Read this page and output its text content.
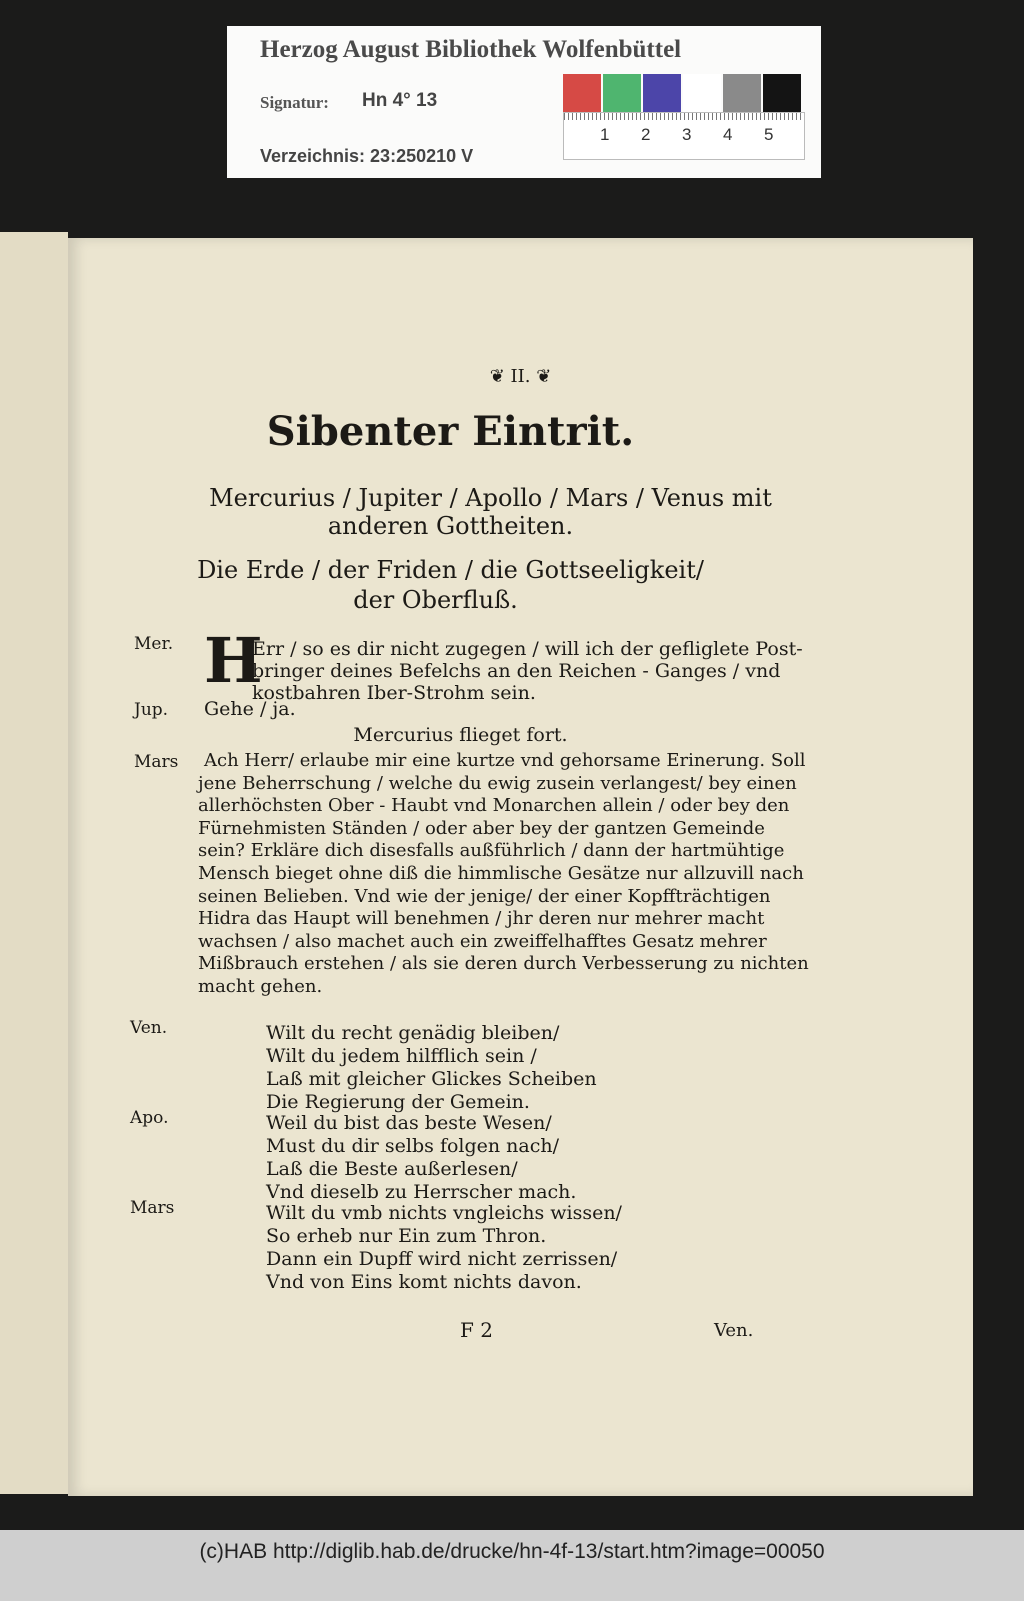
Herzog August Bibliothek Wolfenbüttel
Signatur: Hn 4° 13
Verzeichnis: 23:250210 V
1 2 3 4 5
❦ II. ❦
Sibenter Eintrit.
Mercurius / Jupiter / Apollo / Mars / Venus mit
anderen Gottheiten.
Die Erde / der Friden / die Gottseeligkeit/
der Oberfluß.
Mer. H
Err / so es dir nicht zugegen / will ich der gefliglete Post-
bringer deines Befelchs an den Reichen - Ganges / vnd
kostbahren Iber-Strohm sein.
Jup. Gehe / ja.
Mercurius flieget fort.
Mars Ach Herr/ erlaube mir eine kurtze vnd gehorsame Erinerung. Soll
jene Beherrschung / welche du ewig zusein verlangest/ bey einen
allerhöchsten Ober - Haubt vnd Monarchen allein / oder bey den
Fürnehmisten Ständen / oder aber bey der gantzen Gemeinde
sein? Erkläre dich disesfalls außführlich / dann der hartmühtige
Mensch bieget ohne diß die himmlische Gesätze nur allzuvill nach
seinen Belieben. Vnd wie der jenige/ der einer Kopffträchtigen
Hidra das Haupt will benehmen / jhr deren nur mehrer macht
wachsen / also machet auch ein zweiffelhafftes Gesatz mehrer
Mißbrauch erstehen / als sie deren durch Verbesserung zu nichten
macht gehen.
Ven.	Wilt du recht genädig bleiben/
Wilt du jedem hilfflich sein /
Laß mit gleicher Glickes Scheiben
Die Regierung der Gemein.
Apo.	Weil du bist das beste Wesen/
Must du dir selbs folgen nach/
Laß die Beste außerlesen/
Vnd dieselb zu Herrscher mach.
Mars	Wilt du vmb nichts vngleichs wissen/
So erheb nur Ein zum Thron.
Dann ein Dupff wird nicht zerrissen/
Vnd von Eins komt nichts davon.
F 2	Ven.
(c)HAB http://diglib.hab.de/drucke/hn-4f-13/start.htm?image=00050
